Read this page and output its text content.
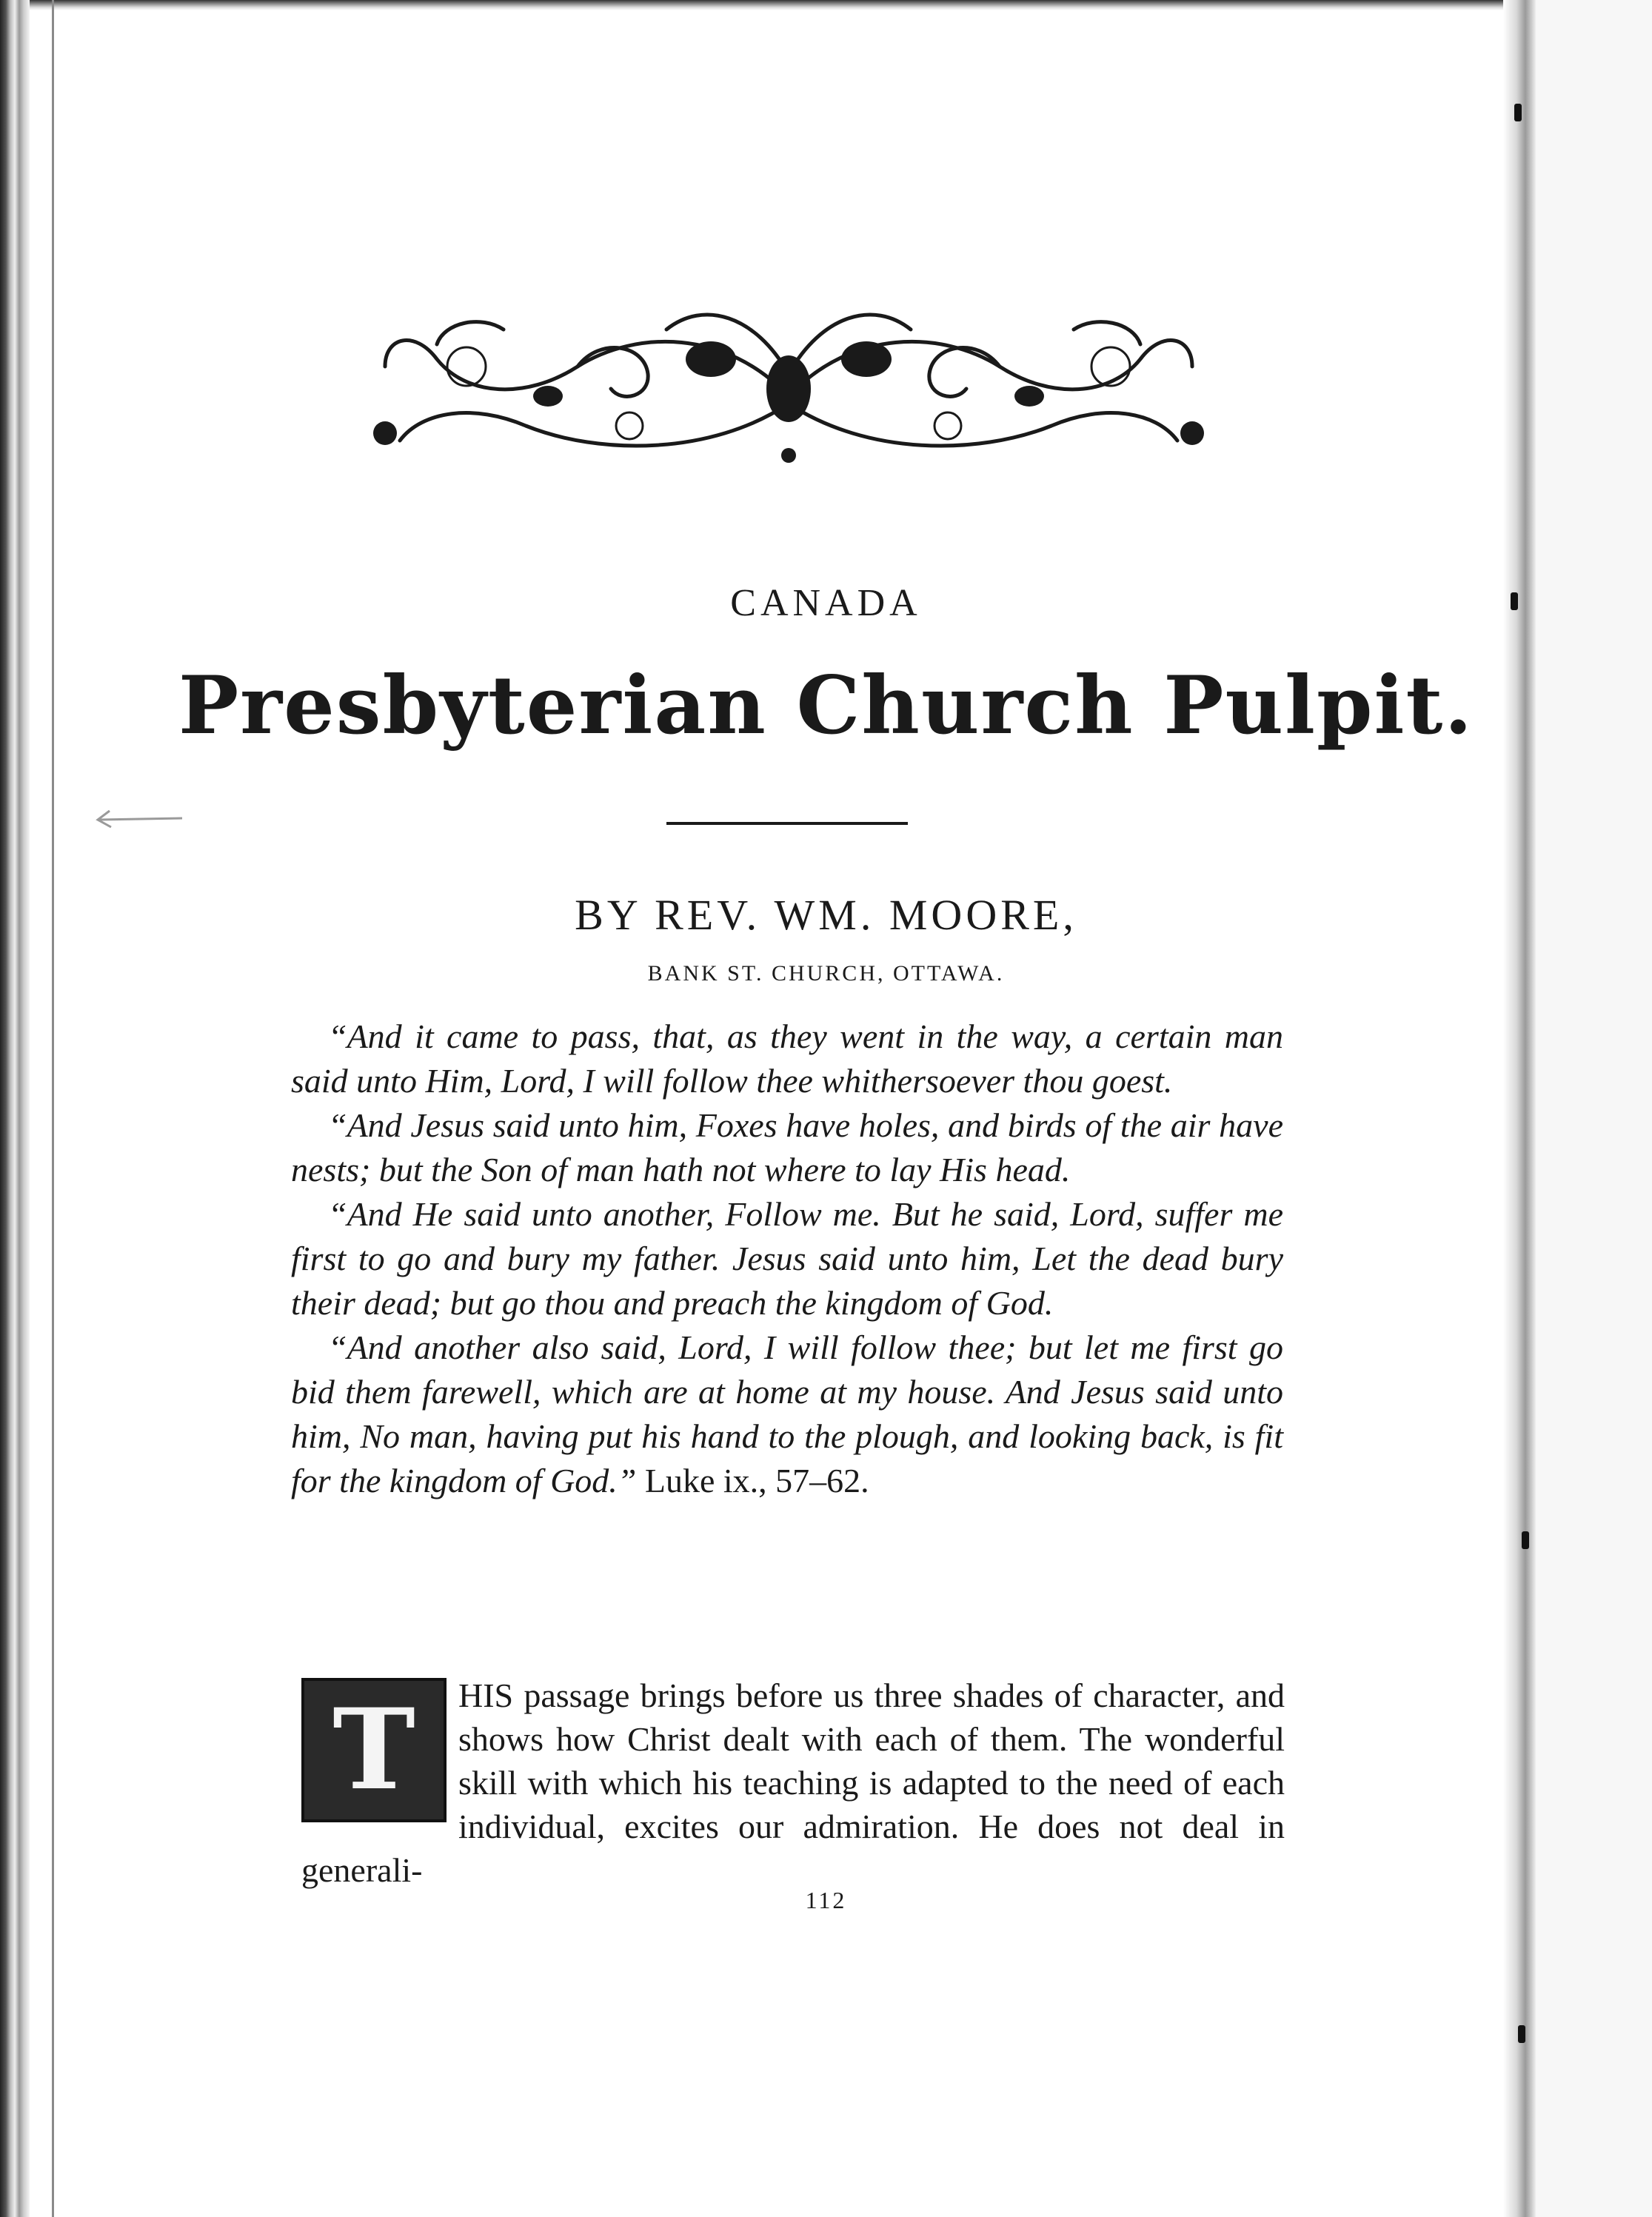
CANADA
Presbyterian Church Pulpit.
BY REV. WM. MOORE,
BANK ST. CHURCH, OTTAWA.

“And it came to pass, that, as they went in the way, a certain man said unto Him, Lord, I will follow thee whithersoever thou goest.

“And Jesus said unto him, Foxes have holes, and birds of the air have nests; but the Son of man hath not where to lay His head.

“And He said unto another, Follow me. But he said, Lord, suffer me first to go and bury my father. Jesus said unto him, Let the dead bury their dead; but go thou and preach the kingdom of God.

“And another also said, Lord, I will follow thee; but let me first go bid them farewell, which are at home at my house. And Jesus said unto him, No man, having put his hand to the plough, and looking back, is fit for the kingdom of God.” Luke ix., 57–62.

T	HIS passage brings before us three shades of character, and shows how Christ dealt with each of them. The wonderful skill with which his teaching is adapted to the need of each individual, excites our admiration. He does not deal in generali-

112
